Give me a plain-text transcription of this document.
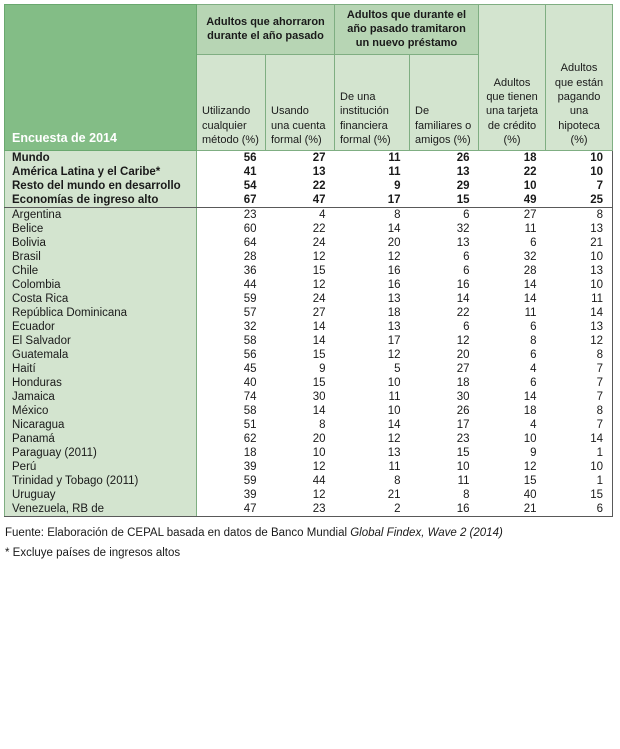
Encuesta de 2014	Adultos que ahorraron durante el año pasado		Adultos que durante el año pasado tramitaron un nuevo préstamo		Adultos que tienen una tarjeta de crédito (%)	Adultos que están pagando una hipoteca (%)
	Utilizando cualquier método (%)	Usando una cuenta formal (%)	De una institución financiera formal (%)	De familiares o amigos (%)		
Mundo	56	27	11	26	18	10
América Latina y el Caribe*	41	13	11	13	22	10
Resto del mundo en desarrollo	54	22	9	29	10	7
Economías de ingreso alto	67	47	17	15	49	25
Argentina	23	4	8	6	27	8
Belice	60	22	14	32	11	13
Bolivia	64	24	20	13	6	21
Brasil	28	12	12	6	32	10
Chile	36	15	16	6	28	13
Colombia	44	12	16	16	14	10
Costa Rica	59	24	13	14	14	11
República Dominicana	57	27	18	22	11	14
Ecuador	32	14	13	6	6	13
El Salvador	58	14	17	12	8	12
Guatemala	56	15	12	20	6	8
Haití	45	9	5	27	4	7
Honduras	40	15	10	18	6	7
Jamaica	74	30	11	30	14	7
México	58	14	10	26	18	8
Nicaragua	51	8	14	17	4	7
Panamá	62	20	12	23	10	14
Paraguay (2011)	18	10	13	15	9	1
Perú	39	12	11	10	12	10
Trinidad y Tobago (2011)	59	44	8	11	15	1
Uruguay	39	12	21	8	40	15
Venezuela, RB de	47	23	2	16	21	6
Fuente: Elaboración de CEPAL basada en datos de Banco Mundial Global Findex, Wave 2 (2014)
* Excluye países de ingresos altos
